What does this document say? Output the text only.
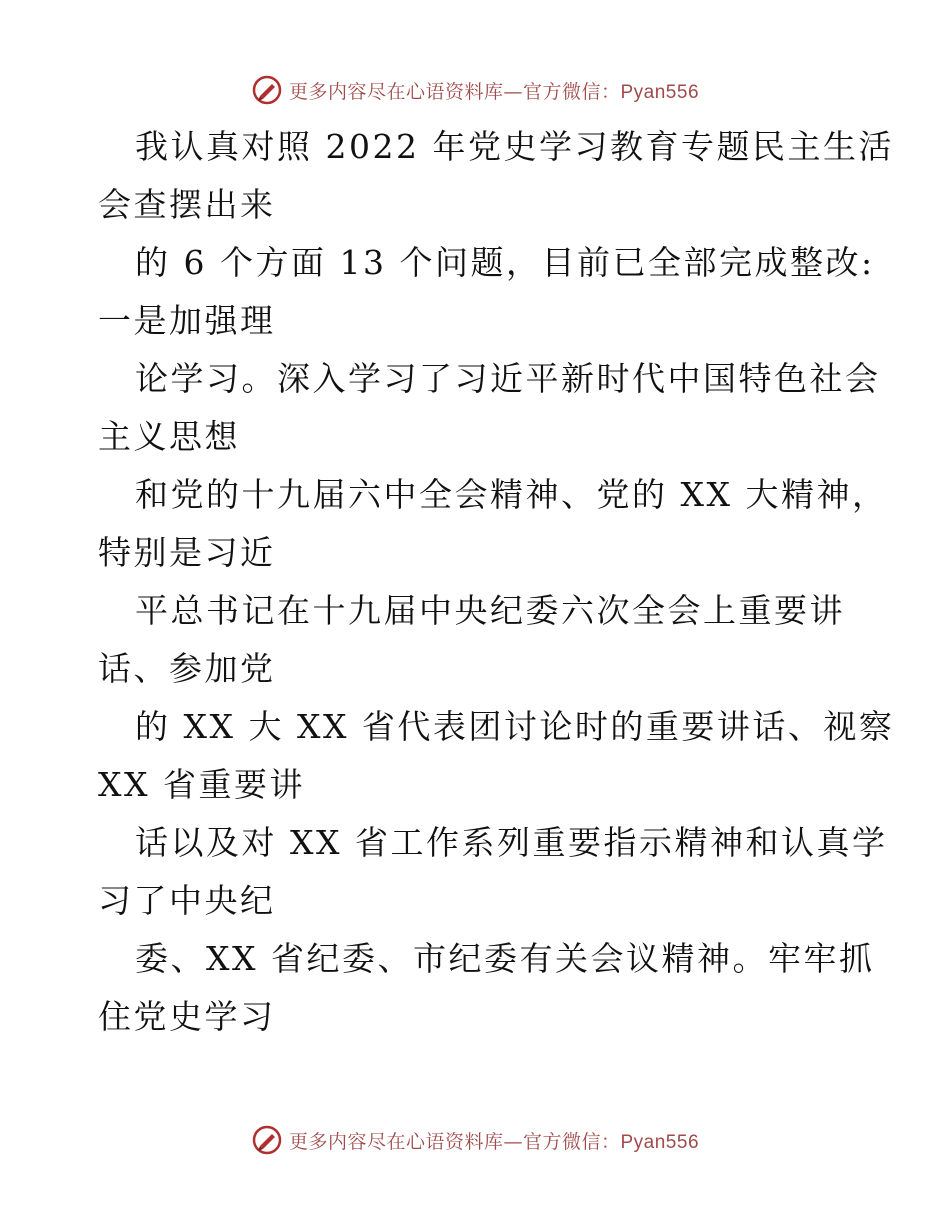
更多内容尽在心语资料库—官方微信：Pyan556
我认真对照 2022 年党史学习教育专题民主生活
会查摆出来
的 6 个方面 13 个问题，目前已全部完成整改:
一是加强理
论学习。深入学习了习近平新时代中国特色社会
主义思想
和党的十九届六中全会精神、党的 XX 大精神，
特别是习近
平总书记在十九届中央纪委六次全会上重要讲
话、参加党
的 XX 大 XX 省代表团讨论时的重要讲话、视察
XX 省重要讲
话以及对 XX 省工作系列重要指示精神和认真学
习了中央纪
委、XX 省纪委、市纪委有关会议精神。牢牢抓
住党史学习
更多内容尽在心语资料库—官方微信：Pyan556
